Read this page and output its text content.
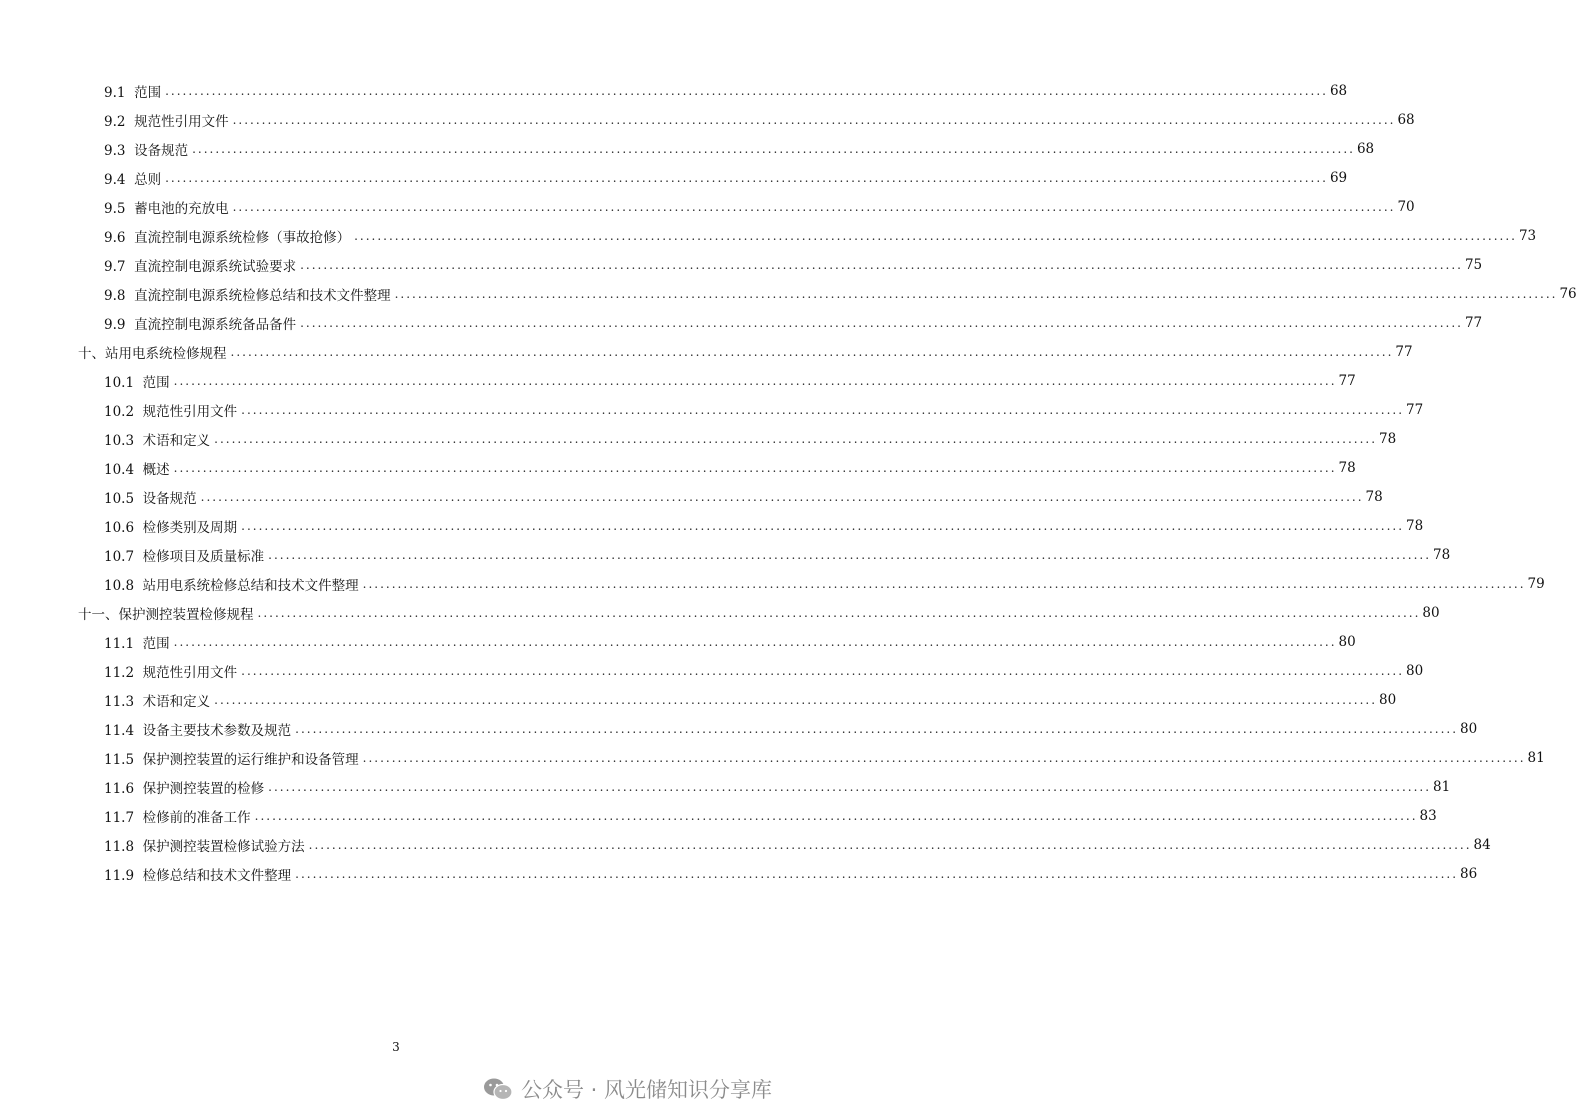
9.1 范围 ........................................................................................................................................................................................................ 68
9.2 规范性引用文件 ........................................................................................................................................................................................................ 68
9.3 设备规范 ........................................................................................................................................................................................................ 68
9.4 总则 ........................................................................................................................................................................................................ 69
9.5 蓄电池的充放电 ........................................................................................................................................................................................................ 70
9.6 直流控制电源系统检修（事故抢修） ........................................................................................................................................................................................................ 73
9.7 直流控制电源系统试验要求 ........................................................................................................................................................................................................ 75
9.8 直流控制电源系统检修总结和技术文件整理 ........................................................................................................................................................................................................ 76
9.9 直流控制电源系统备品备件 ........................................................................................................................................................................................................ 77
十、站用电系统检修规程 ........................................................................................................................................................................................................ 77
10.1 范围 ........................................................................................................................................................................................................ 77
10.2 规范性引用文件 ........................................................................................................................................................................................................ 77
10.3 术语和定义 ........................................................................................................................................................................................................ 78
10.4 概述 ........................................................................................................................................................................................................ 78
10.5 设备规范 ........................................................................................................................................................................................................ 78
10.6 检修类别及周期 ........................................................................................................................................................................................................ 78
10.7 检修项目及质量标准 ........................................................................................................................................................................................................ 78
10.8 站用电系统检修总结和技术文件整理 ........................................................................................................................................................................................................ 79
十一、保护测控装置检修规程 ........................................................................................................................................................................................................ 80
11.1 范围 ........................................................................................................................................................................................................ 80
11.2 规范性引用文件 ........................................................................................................................................................................................................ 80
11.3 术语和定义 ........................................................................................................................................................................................................ 80
11.4 设备主要技术参数及规范 ........................................................................................................................................................................................................ 80
11.5 保护测控装置的运行维护和设备管理 ........................................................................................................................................................................................................ 81
11.6 保护测控装置的检修 ........................................................................................................................................................................................................ 81
11.7 检修前的准备工作 ........................................................................................................................................................................................................ 83
11.8 保护测控装置检修试验方法 ........................................................................................................................................................................................................ 84
11.9 检修总结和技术文件整理 ........................................................................................................................................................................................................ 86
3
公众号 · 风光储知识分享库
